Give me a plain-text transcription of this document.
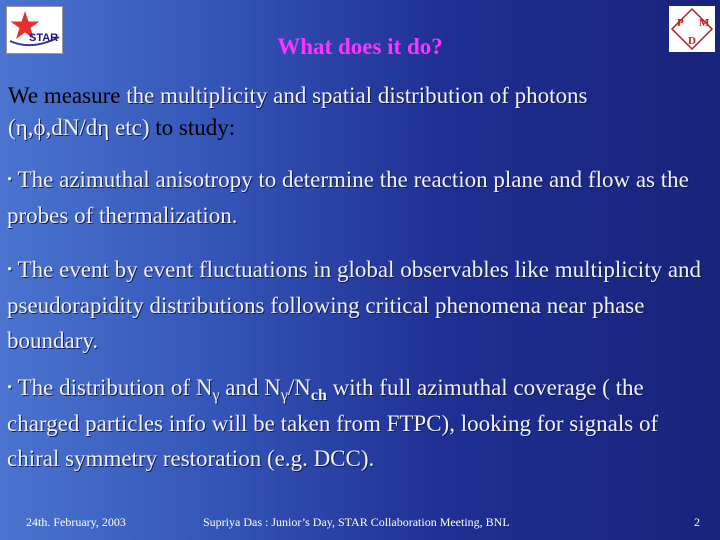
STAR
P M
D
What does it do?
We measure the multiplicity and spatial distribution of photons
(η,ϕ,dN/dη etc) to study:
• The azimuthal anisotropy to determine the reaction plane and flow as the probes of thermalization.
• The event by event fluctuations in global observables like multiplicity and pseudorapidity distributions following critical phenomena near phase boundary.
• The distribution of $N_\gamma$ and $N_\gamma/N_{ch}$ with full azimuthal coverage ( the charged particles info will be taken from FTPC), looking for signals of chiral symmetry restoration (e.g. DCC).
24th. February, 2003	Supriya Das : Junior’s Day, STAR Collaboration Meeting, BNL	2
